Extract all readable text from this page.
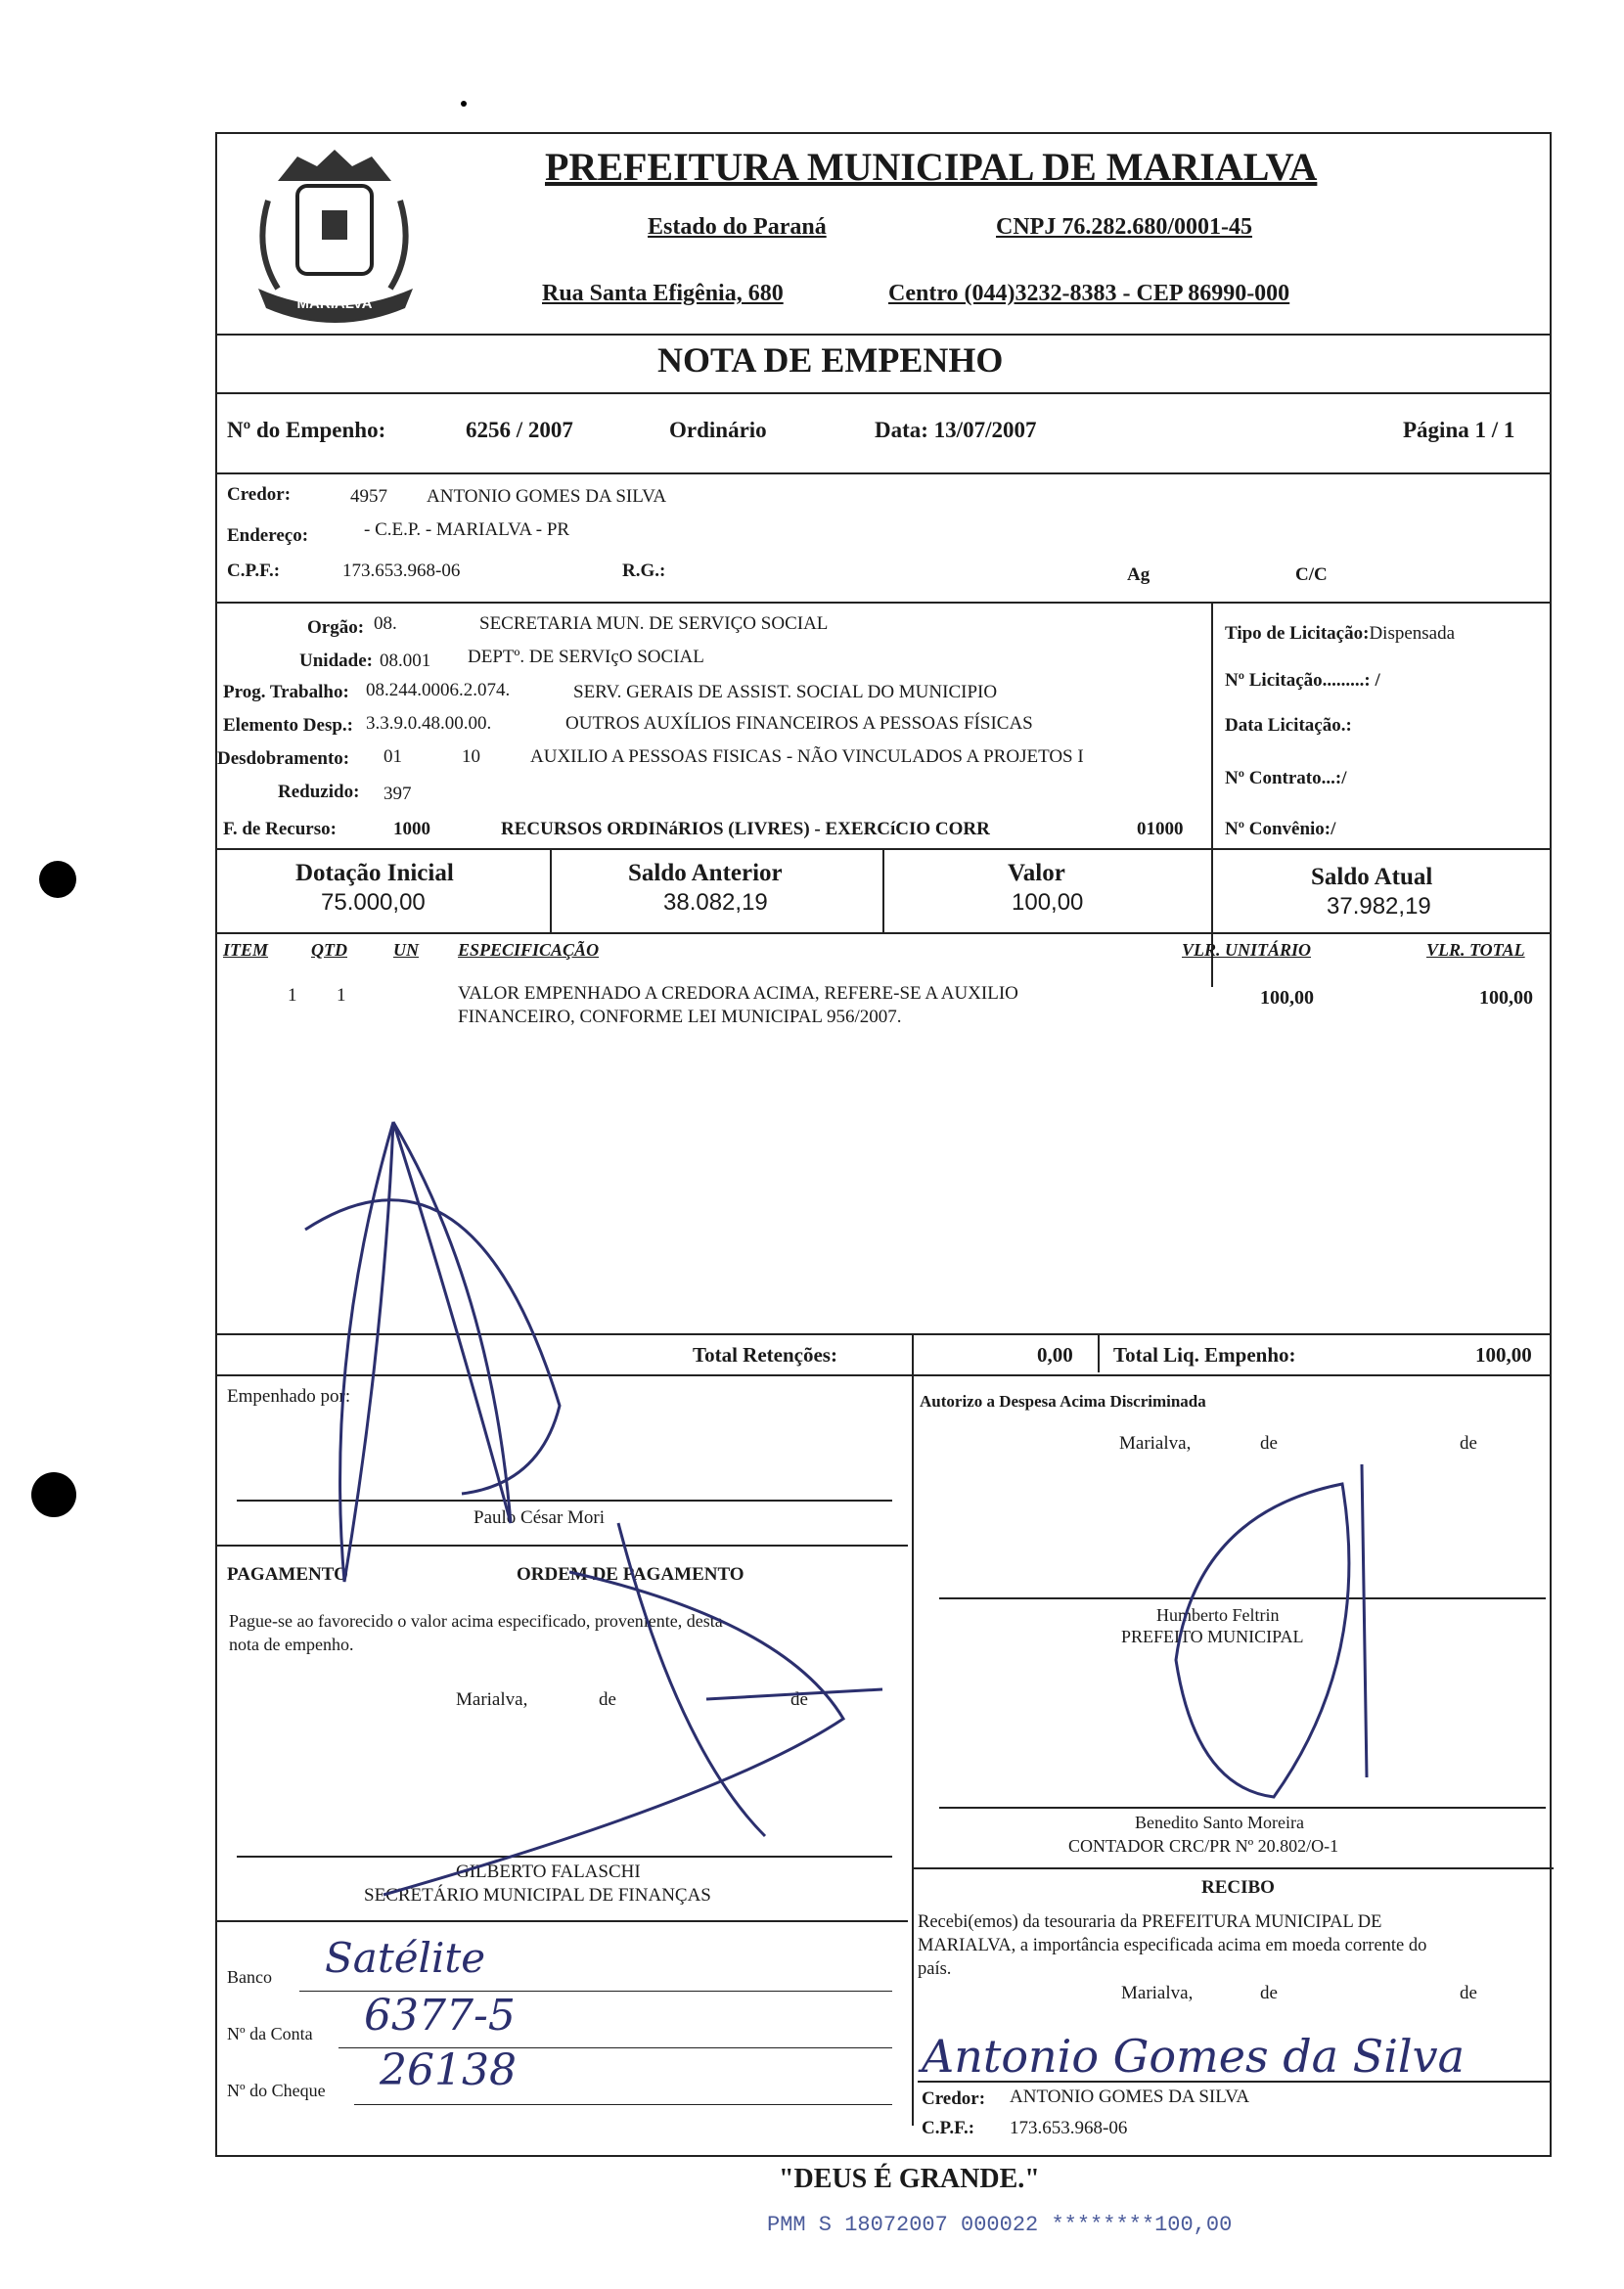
MARIALVA
PREFEITURA MUNICIPAL DE MARIALVA
Estado do Paraná	CNPJ 76.282.680/0001-45
Rua Santa Efigênia, 680	Centro (044)3232-8383 - CEP 86990-000
NOTA DE EMPENHO
Nº do Empenho:	6256 / 2007	Ordinário	Data: 13/07/2007	Página 1 / 1
Credor:	4957 ANTONIO GOMES DA SILVA
Endereço:	- C.E.P. - MARIALVA - PR
C.P.F.:	173.653.968-06	R.G.:	Ag	C/C
Orgão: 08.	SECRETARIA MUN. DE SERVIÇO SOCIAL
Unidade: 08.001 DEPTº. DE SERVIçO SOCIAL
Prog. Trabalho: 08.244.0006.2.074.	SERV. GERAIS DE ASSIST. SOCIAL DO MUNICIPIO
Elemento Desp.: 3.3.9.0.48.00.00.	OUTROS AUXÍLIOS FINANCEIROS A PESSOAS FÍSICAS
Desdobramento: 01	10	AUXILIO A PESSOAS FISICAS - NÃO VINCULADOS A PROJETOS I
Reduzido: 397
F. de Recurso:	1000	RECURSOS ORDINáRIOS (LIVRES) - EXERCíCIO CORR	01000
Tipo de Licitação:Dispensada
Nº Licitação.........: /
Data Licitação.:
Nº Contrato...:/
Nº Convênio:/
Dotação Inicial
75.000,00
Saldo Anterior
38.082,19
Valor
100,00
Saldo Atual
37.982,19
ITEM QTD	UN ESPECIFICAÇÃO	VLR. UNITÁRIO	VLR. TOTAL
1 1	VALOR EMPENHADO A CREDORA ACIMA, REFERE-SE A AUXILIO
FINANCEIRO, CONFORME LEI MUNICIPAL 956/2007.
100,00	100,00
Total Retenções:	0,00 Total Liq. Empenho:	100,00
Empenhado por:
Paulo César Mori
PAGAMENTO	ORDEM DE PAGAMENTO
Pague-se ao favorecido o valor acima especificado, proveniente, desta
nota de empenho.
Marialva,	de	de
GILBERTO FALASCHI
SECRETÁRIO MUNICIPAL DE FINANÇAS
Banco Satélite
Nº da Conta 6377-5
Nº do Cheque 26138
Autorizo a Despesa Acima Discriminada
Marialva,	de	de
Humberto Feltrin
PREFEITO MUNICIPAL
Benedito Santo Moreira
CONTADOR CRC/PR Nº 20.802/O-1
RECIBO
Recebi(emos) da tesouraria da PREFEITURA MUNICIPAL DE
MARIALVA, a importância especificada acima em moeda corrente do
país.
Marialva,	de	de
Antonio Gomes da Silva
Credor: ANTONIO GOMES DA SILVA
C.P.F.: 173.653.968-06
"DEUS É GRANDE."
PMM S 18072007 000022 ********100,00
